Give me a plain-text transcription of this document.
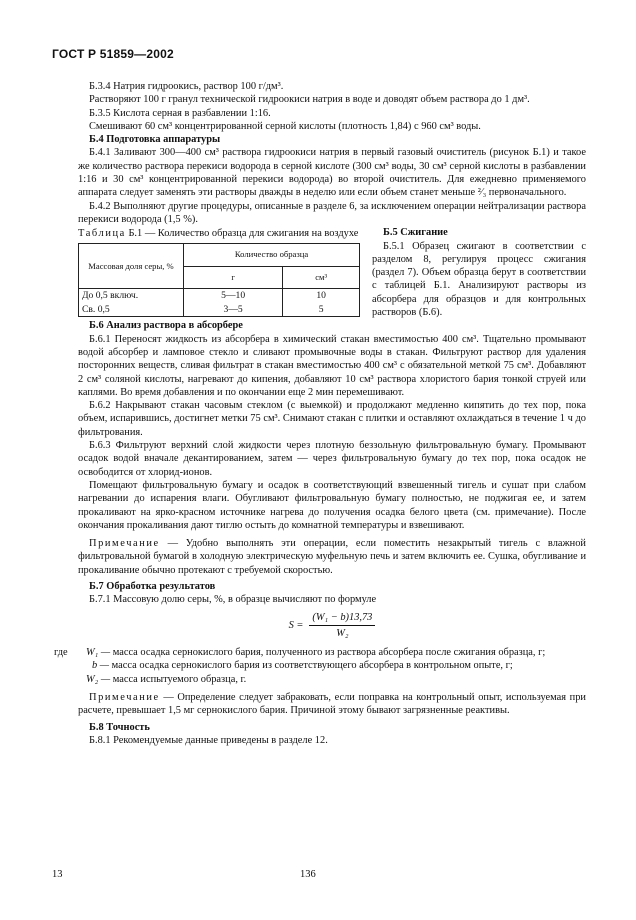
ГОСТ Р 51859—2002

Б.3.4 Натрия гидроокись, раствор 100 г/дм³.

Растворяют 100 г гранул технической гидроокиси натрия в воде и доводят объем раствора до 1 дм³.

Б.3.5 Кислота серная в разбавлении 1:16.

Смешивают 60 см³ концентрированной серной кислоты (плотность 1,84) с 960 см³ воды.

Б.4 Подготовка аппаратуры

Б.4.1 Заливают 300—400 см³ раствора гидроокиси натрия в первый газовый очиститель (рисунок Б.1) и такое же количество раствора перекиси водорода в серной кислоте (300 см³ воды, 30 см³ серной кислоты в разбавлении 1:16 и 30 см³ концентрированной перекиси водорода) во второй очиститель. Для ежедневно применяемого аппарата следует заменять эти растворы дважды в неделю или если объем станет меньше ²⁄₃ первоначального.

Б.4.2 Выполняют другие процедуры, описанные в разделе 6, за исключением операции нейтрализации раствора перекиси водорода (1,5 %).

Таблица Б.1 — Количество образца для сжигания на воздухе
Массовая доля серы, %	Количество образца	
	г	см³
До 0,5 включ.	5—10	10
Св. 0,5	3—5	5
Б.5 Сжигание

Б.5.1 Образец сжигают в соответствии с разделом 8, регулируя процесс сжигания (раздел 7). Объем образца берут в соответствии с таблицей Б.1. Анализируют растворы из абсорбера для образцов и для контрольных растворов (Б.6).

Б.6 Анализ раствора в абсорбере

Б.6.1 Переносят жидкость из абсорбера в химический стакан вместимостью 400 см³. Тщательно промывают водой абсорбер и ламповое стекло и сливают промывочные воды в стакан. Фильтруют раствор для удаления посторонних веществ, сливая фильтрат в стакан вместимостью 400 см³ с обязательной меткой 75 см³. Добавляют 2 см³ соляной кислоты, нагревают до кипения, добавляют 10 см³ раствора хлористого бария тонкой струей или каплями. Во время добавления и по окончании еще 2 мин перемешивают.

Б.6.2 Накрывают стакан часовым стеклом (с выемкой) и продолжают медленно кипятить до тех пор, пока объем, испарившись, достигнет метки 75 см³. Снимают стакан с плитки и оставляют охлаждаться в течение 1 ч до фильтрования.

Б.6.3 Фильтруют верхний слой жидкости через плотную беззольную фильтровальную бумагу. Промывают осадок водой вначале декантированием, затем — через фильтровальную бумагу до тех пор, пока осадок не освободится от хлорид-ионов.

Помещают фильтровальную бумагу и осадок в соответствующий взвешенный тигель и сушат при слабом нагревании до испарения влаги. Обугливают фильтровальную бумагу полностью, не поджигая ее, и затем прокаливают на ярко-красном источнике нагрева до получения осадка белого цвета (см. примечание). После окончания прокаливания дают тиглю остыть до комнатной температуры и взвешивают.

Примечание — Удобно выполнять эти операции, если поместить незакрытый тигель с влажной фильтровальной бумагой в холодную электрическую муфельную печь и затем включить ее. Сушка, обугливание и прокаливание обычно протекают с требуемой скоростью.

Б.7 Обработка результатов

Б.7.1 Массовую долю серы, %, в образце вычисляют по формуле

$S = \frac{\text{(W₁ − b)13,73}}{\text{W₂}}$
где	W₁ — масса осадка сернокислого бария, полученного из раствора абсорбера после сжигания образца, г;
b — масса осадка сернокислого бария из соответствующего абсорбера в контрольном опыте, г;
W₂ — масса испытуемого образца, г.

Примечание — Определение следует забраковать, если поправка на контрольный опыт, используемая при расчете, превышает 1,5 мг сернокислого бария. Причиной этому бывают загрязненные реактивы.

Б.8 Точность

Б.8.1 Рекомендуемые данные приведены в разделе 12.

13	136
